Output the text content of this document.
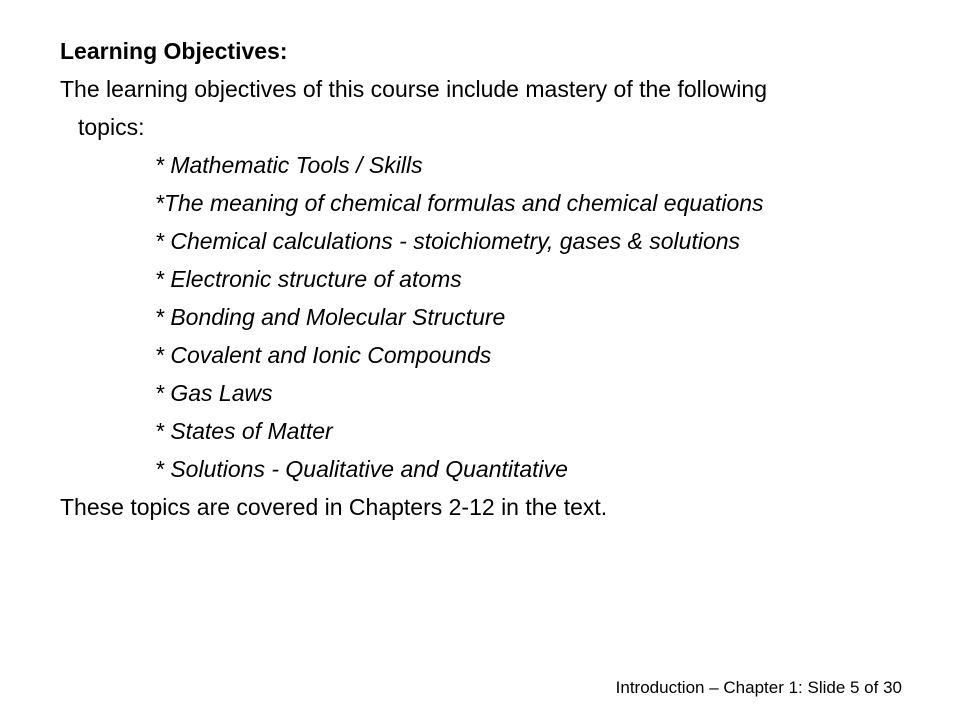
Learning Objectives:

The learning objectives of this course include mastery of the following
topics:

* Mathematic Tools / Skills
*The meaning of chemical formulas and chemical equations
* Chemical calculations - stoichiometry, gases & solutions
* Electronic structure of atoms
* Bonding and Molecular Structure
* Covalent and Ionic Compounds
* Gas Laws
* States of Matter
* Solutions - Qualitative and Quantitative

These topics are covered in Chapters 2-12 in the text.

Introduction – Chapter 1: Slide 5 of 30
